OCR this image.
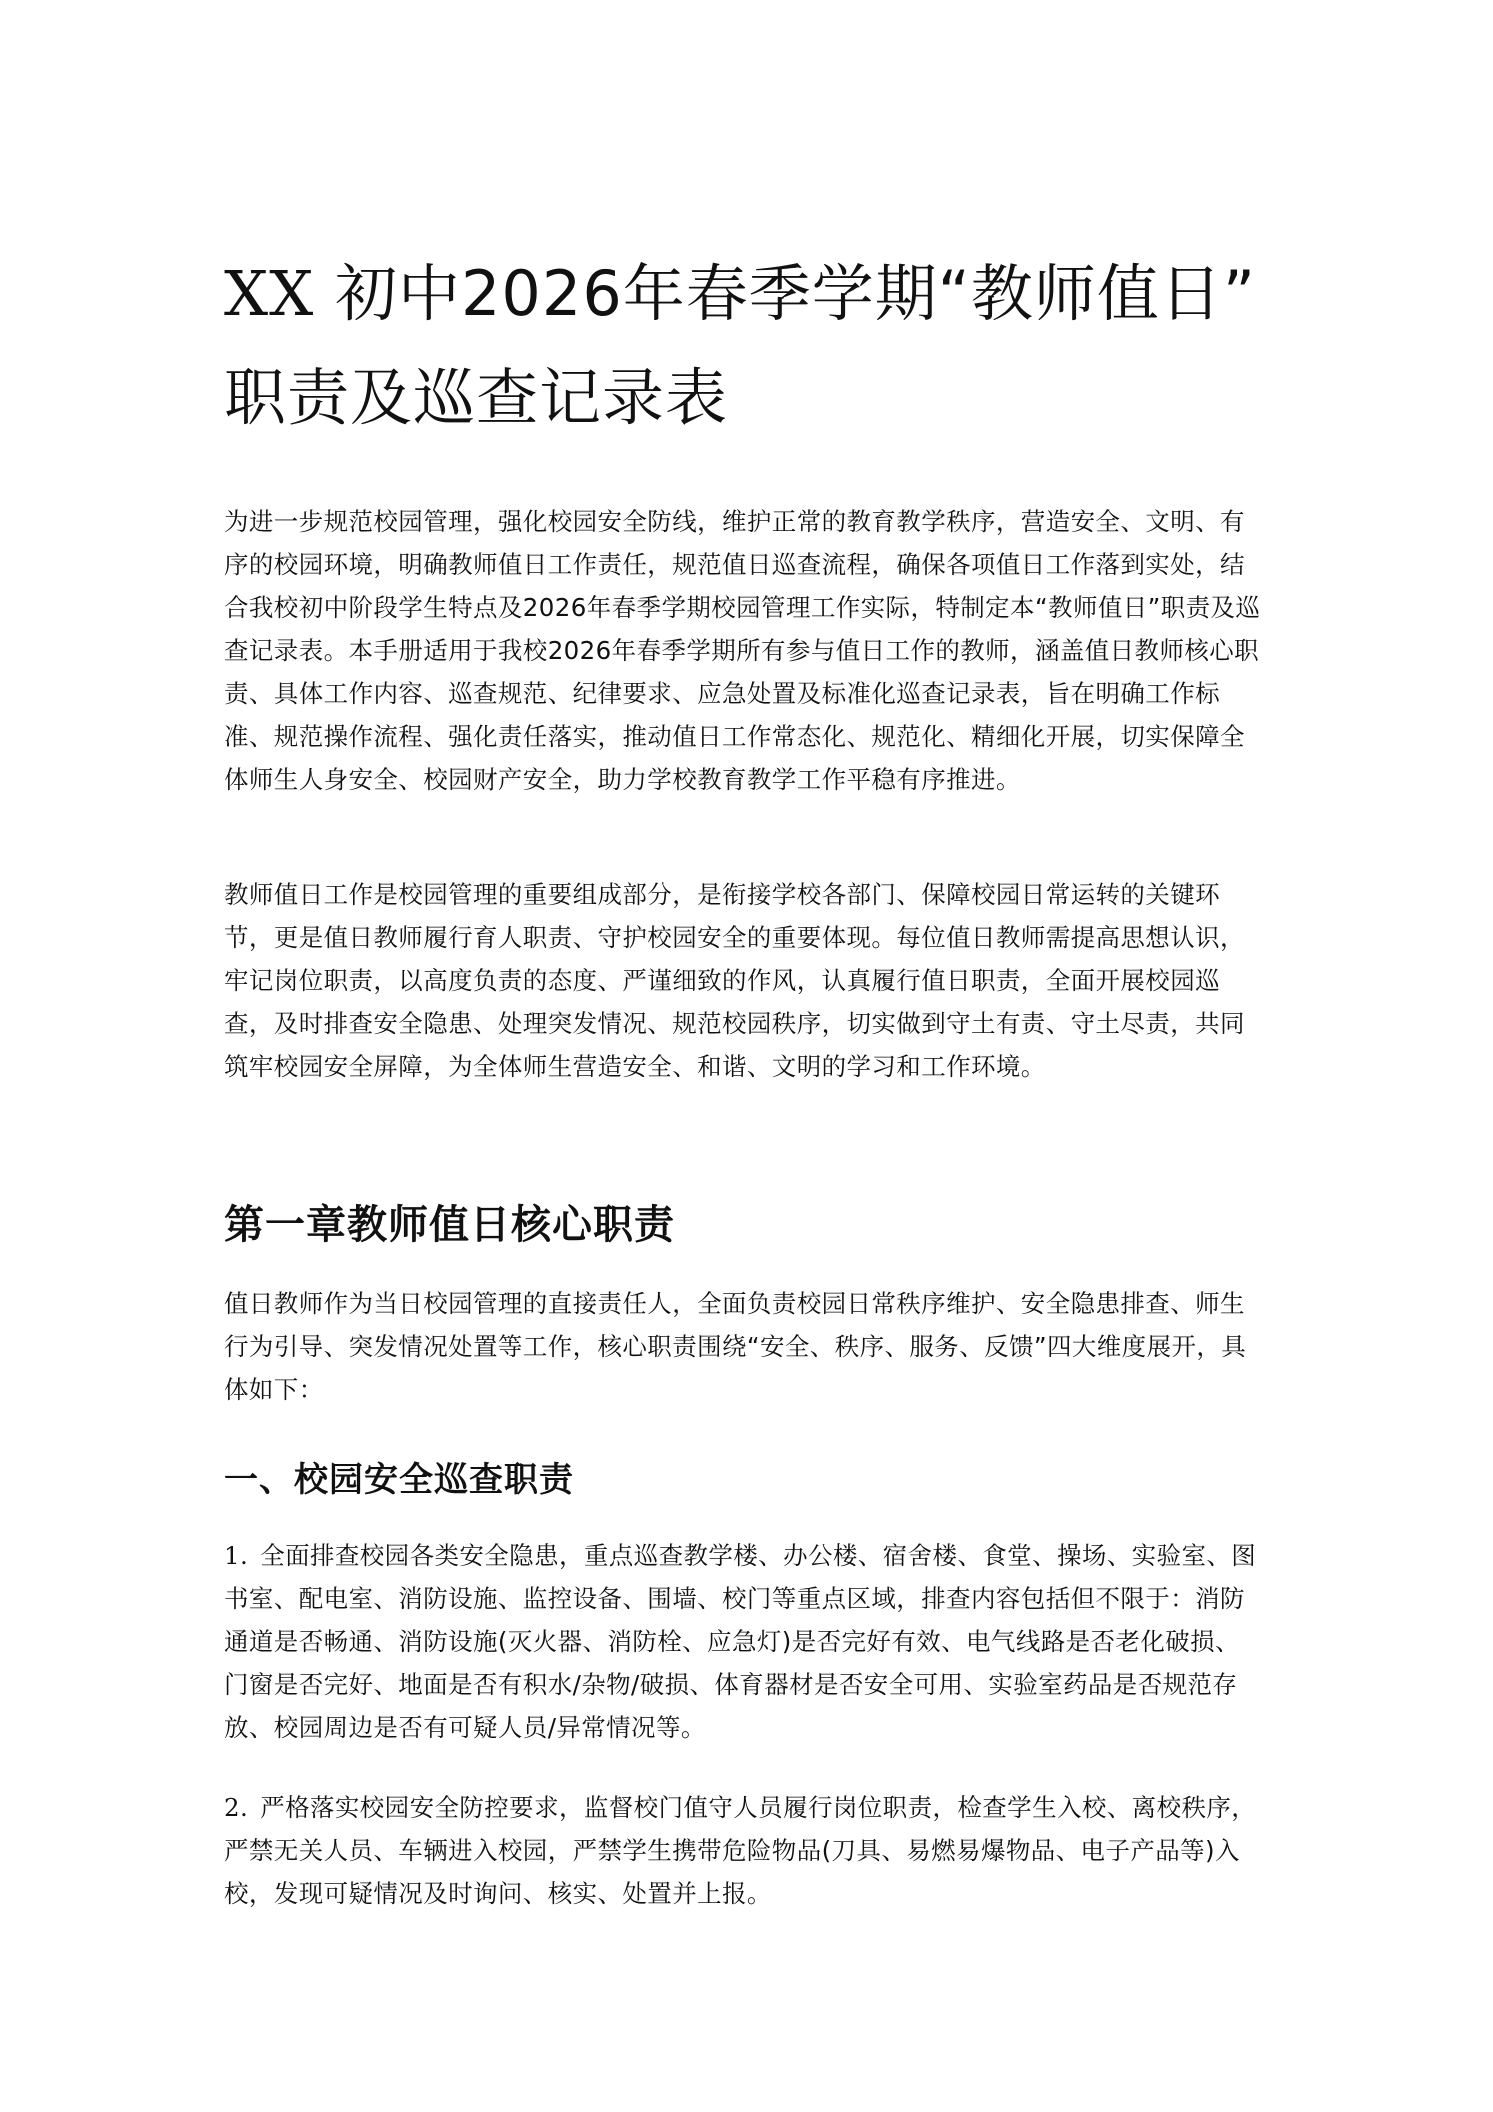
XX 初中2026年春季学期“教师值日”
职责及巡查记录表

为进一步规范校园管理，强化校园安全防线，维护正常的教育教学秩序，营造安全、文明、有序的校园环境，明确教师值日工作责任，规范值日巡查流程，确保各项值日工作落到实处，结合我校初中阶段学生特点及2026年春季学期校园管理工作实际，特制定本“教师值日”职责及巡查记录表。本手册适用于我校2026年春季学期所有参与值日工作的教师，涵盖值日教师核心职责、具体工作内容、巡查规范、纪律要求、应急处置及标准化巡查记录表，旨在明确工作标准、规范操作流程、强化责任落实，推动值日工作常态化、规范化、精细化开展，切实保障全体师生人身安全、校园财产安全，助力学校教育教学工作平稳有序推进。

教师值日工作是校园管理的重要组成部分，是衔接学校各部门、保障校园日常运转的关键环节，更是值日教师履行育人职责、守护校园安全的重要体现。每位值日教师需提高思想认识，牢记岗位职责，以高度负责的态度、严谨细致的作风，认真履行值日职责，全面开展校园巡查，及时排查安全隐患、处理突发情况、规范校园秩序，切实做到守土有责、守土尽责，共同筑牢校园安全屏障，为全体师生营造安全、和谐、文明的学习和工作环境。

第一章教师值日核心职责

值日教师作为当日校园管理的直接责任人，全面负责校园日常秩序维护、安全隐患排查、师生行为引导、突发情况处置等工作，核心职责围绕“安全、秩序、服务、反馈”四大维度展开，具体如下：

一、校园安全巡查职责

1. 全面排查校园各类安全隐患，重点巡查教学楼、办公楼、宿舍楼、食堂、操场、实验室、图书室、配电室、消防设施、监控设备、围墙、校门等重点区域，排查内容包括但不限于：消防通道是否畅通、消防设施(灭火器、消防栓、应急灯)是否完好有效、电气线路是否老化破损、门窗是否完好、地面是否有积水/杂物/破损、体育器材是否安全可用、实验室药品是否规范存放、校园周边是否有可疑人员/异常情况等。

2. 严格落实校园安全防控要求，监督校门值守人员履行岗位职责，检查学生入校、离校秩序，严禁无关人员、车辆进入校园，严禁学生携带危险物品(刀具、易燃易爆物品、电子产品等)入校，发现可疑情况及时询问、核实、处置并上报。
